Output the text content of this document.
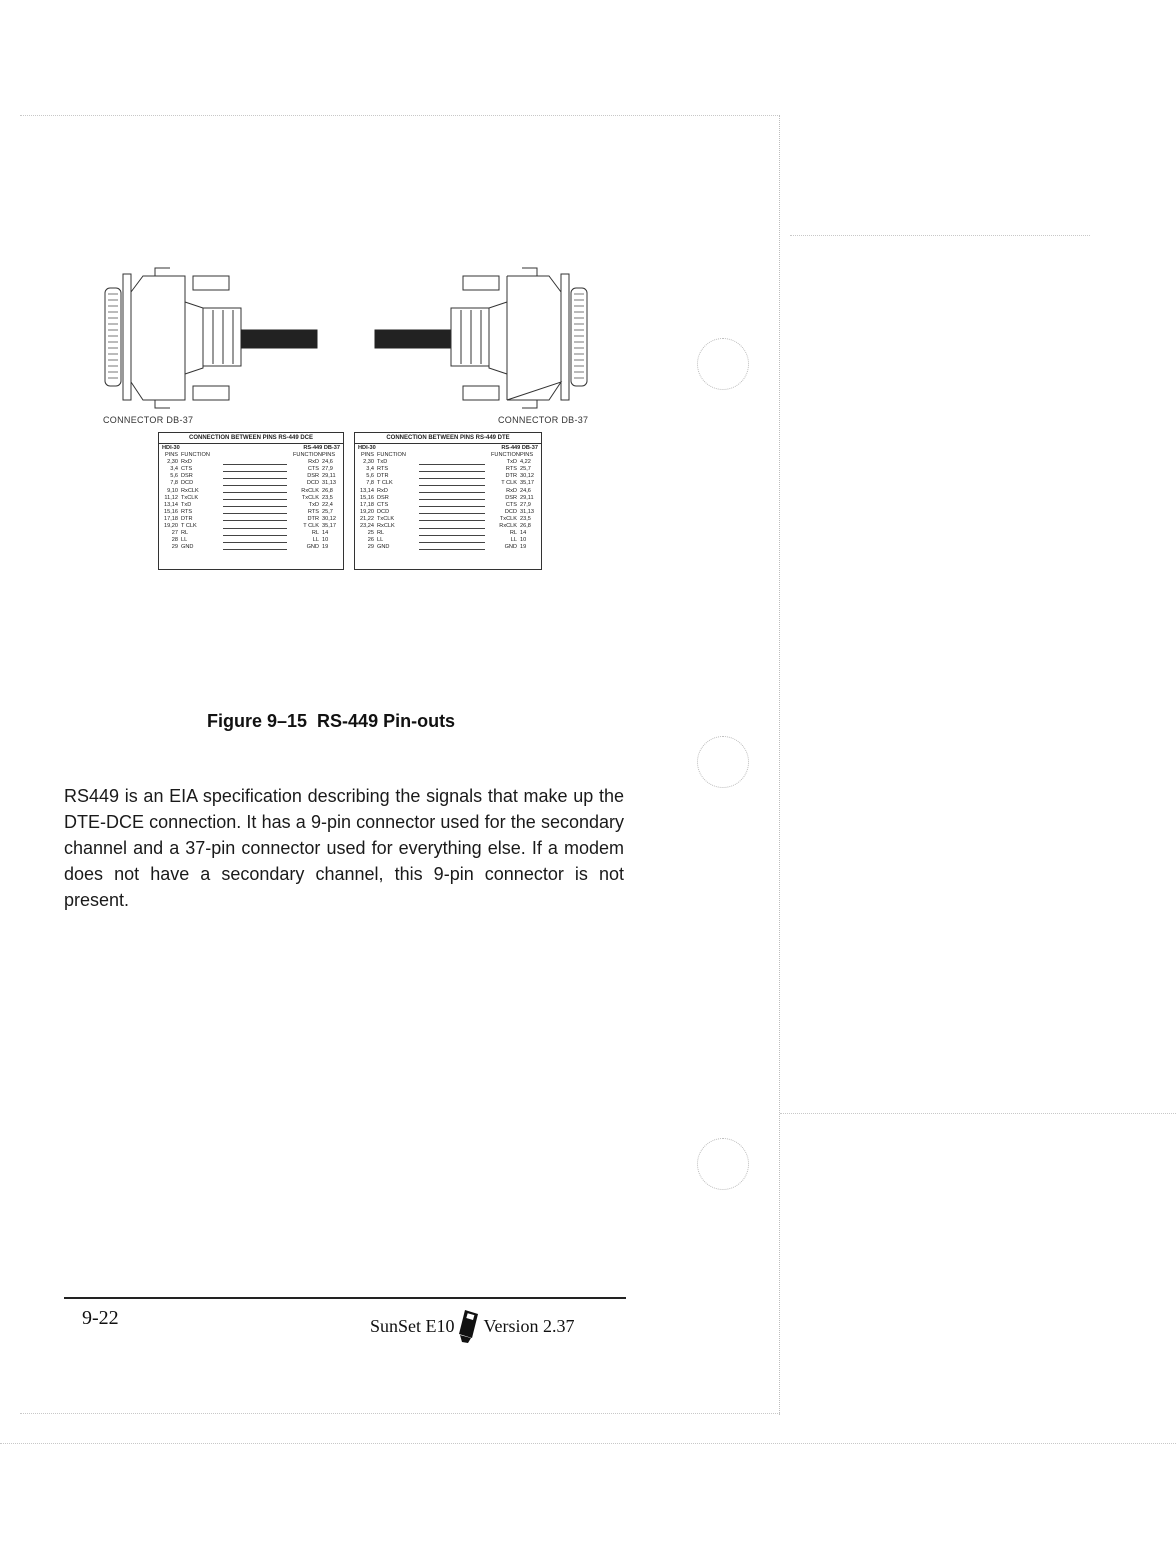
CONNECTOR DB-37	CONNECTOR DB-37
CONNECTION BETWEEN PINS RS-449 DCE
HDI-30	RS-449 DB-37
PINS FUNCTION	FUNCTION PINS
2,30 RxD	RxD 24,6
3,4 CTS	CTS 27,9
5,6 DSR	DSR 29,11
7,8 DCD	DCD 31,13
9,10 RxCLK	RxCLK 26,8
11,12 TxCLK	TxCLK 23,5
13,14 TxD	TxD 22,4
15,16 RTS	RTS 25,7
17,18 DTR	DTR 30,12
19,20 T CLK	T CLK 35,17
27 RL	RL 14
28 LL	LL 10
29 GND	GND 19
CONNECTION BETWEEN PINS RS-449 DTE
HDI-30	RS-449 DB-37
PINS FUNCTION	FUNCTION PINS
2,30 TxD	TxD 4,22
3,4 RTS	RTS 25,7
5,6 DTR	DTR 30,12
7,8 T CLK	T CLK 35,17
13,14 RxD	RxD 24,6
15,16 DSR	DSR 29,11
17,18 CTS	CTS 27,9
19,20 DCD	DCD 31,13
21,22 TxCLK	TxCLK 23,5
23,24 RxCLK	RxCLK 26,8
25 RL	RL 14
26 LL	LL 10
29 GND	GND 19
Figure 9–15  RS-449 Pin-outs
RS449 is an EIA specification describing the signals that make up the DTE-DCE connection. It has a 9-pin connector used for the secondary channel and a 37-pin connector used for everything else. If a modem does not have a secondary channel, this 9-pin connector is not present.
9-22	SunSet E10 Version 2.37
